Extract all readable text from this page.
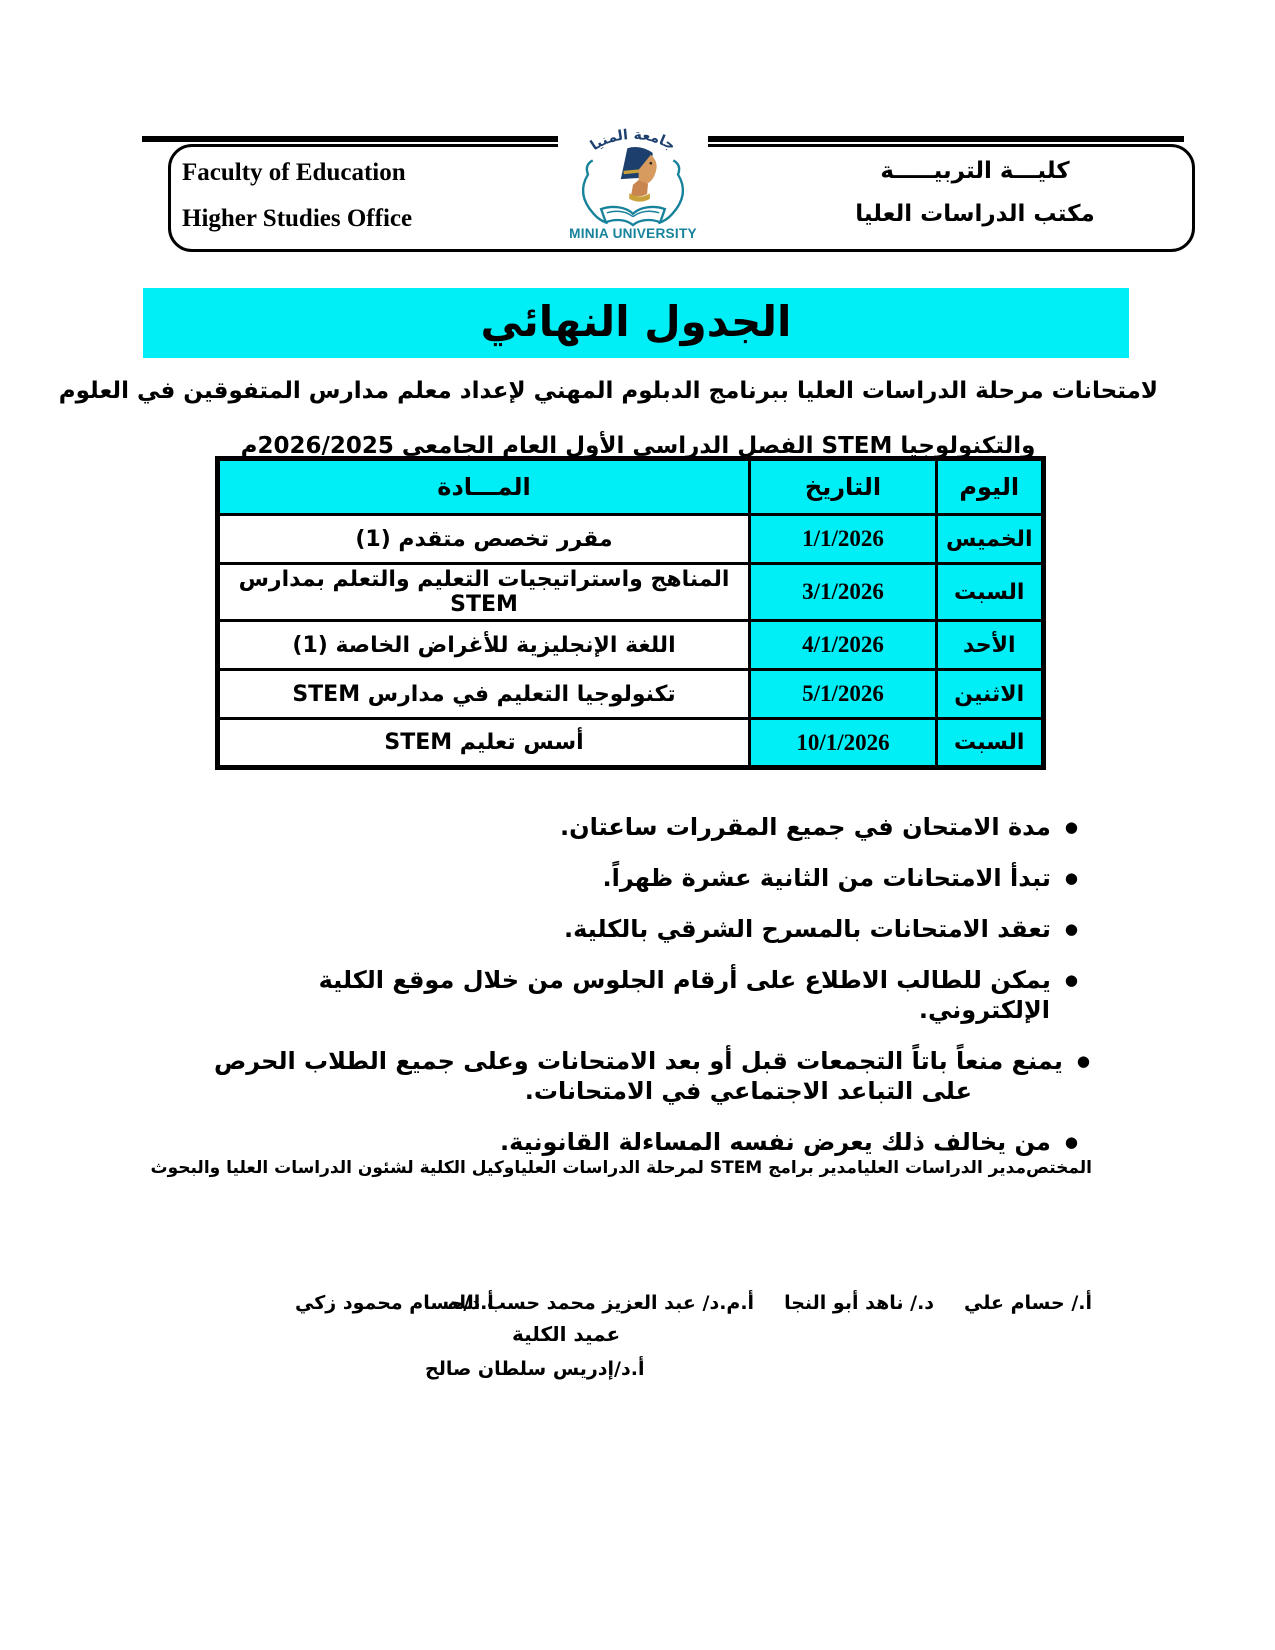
Faculty of Education
Higher Studies Office
كليـــة التربيـــــة
مكتب الدراسات العليا
جامعة المنيا
MINIA UNIVERSITY
الجدول النهائي
لامتحانات مرحلة الدراسات العليا ببرنامج الدبلوم المهني لإعداد معلم مدارس المتفوقين في العلوم
والتكنولوجيا STEM الفصل الدراسي الأول العام الجامعي 2026/2025م
اليوم	التاريخ	المـــادة
الخميس	1/1/2026	مقرر تخصص متقدم (1)
السبت	3/1/2026	المناهج واستراتيجيات التعليم والتعلم بمدارس STEM
الأحد	4/1/2026	اللغة الإنجليزية للأغراض الخاصة (1)
الاثنين	5/1/2026	تكنولوجيا التعليم في مدارس STEM
السبت	10/1/2026	أسس تعليم STEM
● مدة الامتحان في جميع المقررات ساعتان.
● تبدأ الامتحانات من الثانية عشرة ظهراً.
● تعقد الامتحانات بالمسرح الشرقي بالكلية.
● يمكن للطالب الاطلاع على أرقام الجلوس من خلال موقع الكلية الإلكتروني.
● يمنع منعاً باتاً التجمعات قبل أو بعد الامتحانات وعلى جميع الطلاب الحرص على التباعد الاجتماعي في الامتحانات.
● من يخالف ذلك يعرض نفسه المساءلة القانونية.
المختص
مدير الدراسات العليا
مدير برامج STEM لمرحلة الدراسات العليا
وكيل الكلية لشئون الدراسات العليا والبحوث
أ./ حسام علي
د./ ناهد أبو النجا
أ.م.د/ عبد العزيز محمد حسب الله
أ.د/حسام محمود زكي
عميد الكلية
أ.د/إدريس سلطان صالح
